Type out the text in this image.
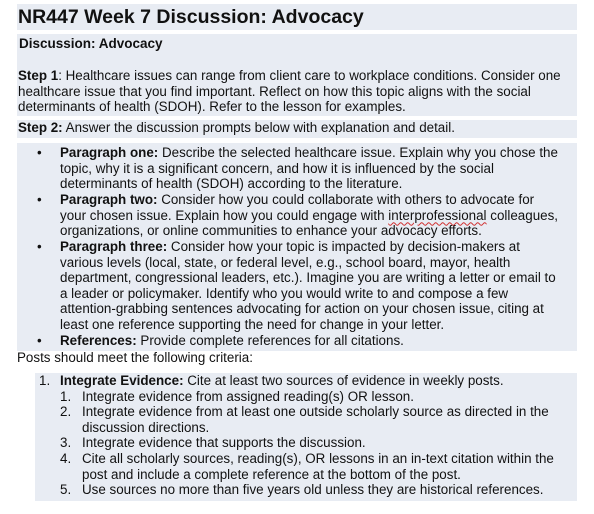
NR447 Week 7 Discussion: Advocacy
Discussion: Advocacy
Step 1: Healthcare issues can range from client care to workplace conditions. Consider one healthcare issue that you find important. Reflect on how this topic aligns with the social determinants of health (SDOH). Refer to the lesson for examples.
Step 2: Answer the discussion prompts below with explanation and detail.
• Paragraph one: Describe the selected healthcare issue. Explain why you chose the
topic, why it is a significant concern, and how it is influenced by the social
determinants of health (SDOH) according to the literature.
• Paragraph two: Consider how you could collaborate with others to advocate for
your chosen issue. Explain how you could engage with interprofessional colleagues,
organizations, or online communities to enhance your advocacy efforts.
• Paragraph three: Consider how your topic is impacted by decision-makers at
various levels (local, state, or federal level, e.g., school board, mayor, health
department, congressional leaders, etc.). Imagine you are writing a letter or email to
a leader or policymaker. Identify who you would write to and compose a few
attention-grabbing sentences advocating for action on your chosen issue, citing at
least one reference supporting the need for change in your letter.
• References: Provide complete references for all citations.
Posts should meet the following criteria:
1. Integrate Evidence: Cite at least two sources of evidence in weekly posts.
1. Integrate evidence from assigned reading(s) OR lesson.
2. Integrate evidence from at least one outside scholarly source as directed in the
discussion directions.
3. Integrate evidence that supports the discussion.
4. Cite all scholarly sources, reading(s), OR lessons in an in-text citation within the
post and include a complete reference at the bottom of the post.
5. Use sources no more than five years old unless they are historical references.
